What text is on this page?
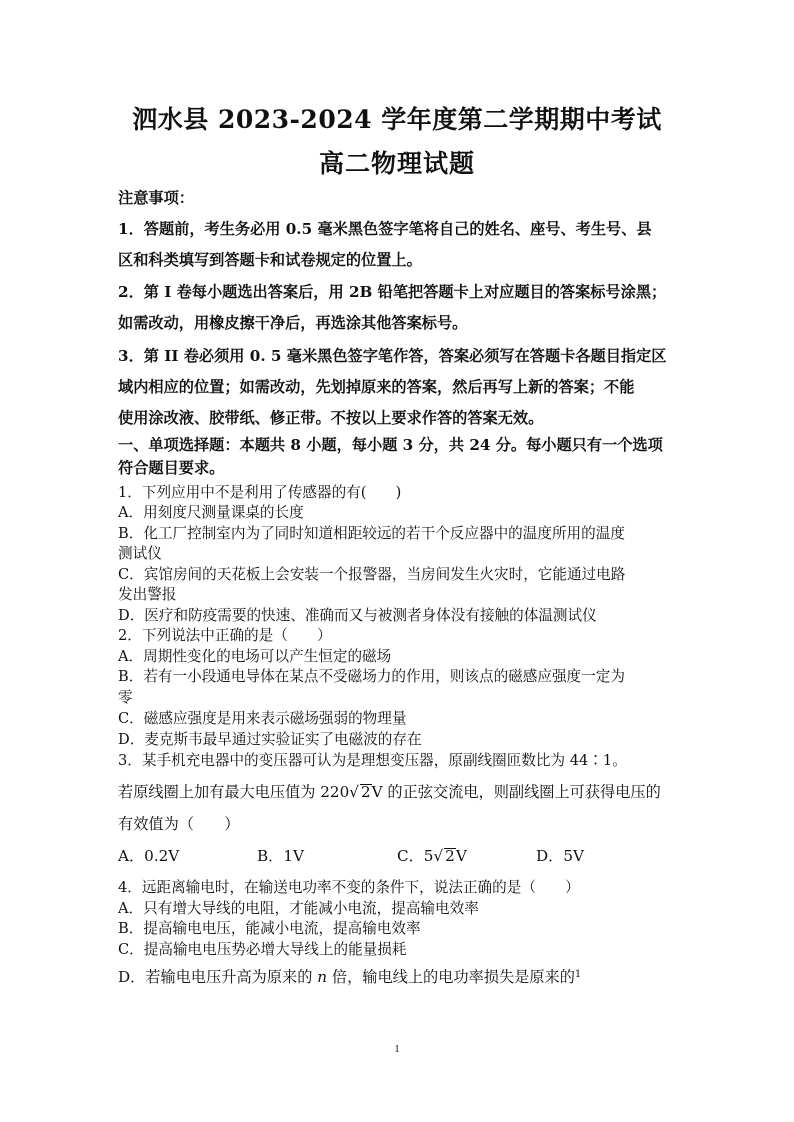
泗水县 2023-2024 学年度第二学期期中考试
高二物理试题
注意事项：
1．答题前，考生务必用 0.5 毫米黑色签字笔将自己的姓名、座号、考生号、县
区和科类填写到答题卡和试卷规定的位置上。
2．第 I 卷每小题选出答案后，用 2B 铅笔把答题卡上对应题目的答案标号涂黑；
如需改动，用橡皮擦干净后，再选涂其他答案标号。
3．第 II 卷必须用 0. 5 毫米黑色签字笔作答，答案必须写在答题卡各题目指定区
域内相应的位置；如需改动，先划掉原来的答案，然后再写上新的答案；不能
使用涂改液、胶带纸、修正带。不按以上要求作答的答案无效。
一、单项选择题：本题共 8 小题，每小题 3 分，共 24 分。每小题只有一个选项
符合题目要求。
1．下列应用中不是利用了传感器的有(　　)
A．用刻度尺测量课桌的长度
B．化工厂控制室内为了同时知道相距较远的若干个反应器中的温度所用的温度
测试仪
C．宾馆房间的天花板上会安装一个报警器，当房间发生火灾时，它能通过电路
发出警报
D．医疗和防疫需要的快速、准确而又与被测者身体没有接触的体温测试仪
2．下列说法中正确的是（　　）
A．周期性变化的电场可以产生恒定的磁场
B．若有一小段通电导体在某点不受磁场力的作用，则该点的磁感应强度一定为
零
C．磁感应强度是用来表示磁场强弱的物理量
D．麦克斯韦最早通过实验证实了电磁波的存在
3．某手机充电器中的变压器可认为是理想变压器，原副线圈匝数比为 44∶1。
若原线圈上加有最大电压值为 220√ 2V 的正弦交流电，则副线圈上可获得电压的
有效值为（　　）
A．0.2V	B．1V	C．5√ 2V	D．5V
4．远距离输电时，在输送电功率不变的条件下，说法正确的是（　　）
A．只有增大导线的电阻，才能减小电流，提高输电效率
B．提高输电电压，能减小电流，提高输电效率
C．提高输电电压势必增大导线上的能量损耗
D．若输电电压升高为原来的 n 倍，输电线上的电功率损失是原来的$^1$
1
